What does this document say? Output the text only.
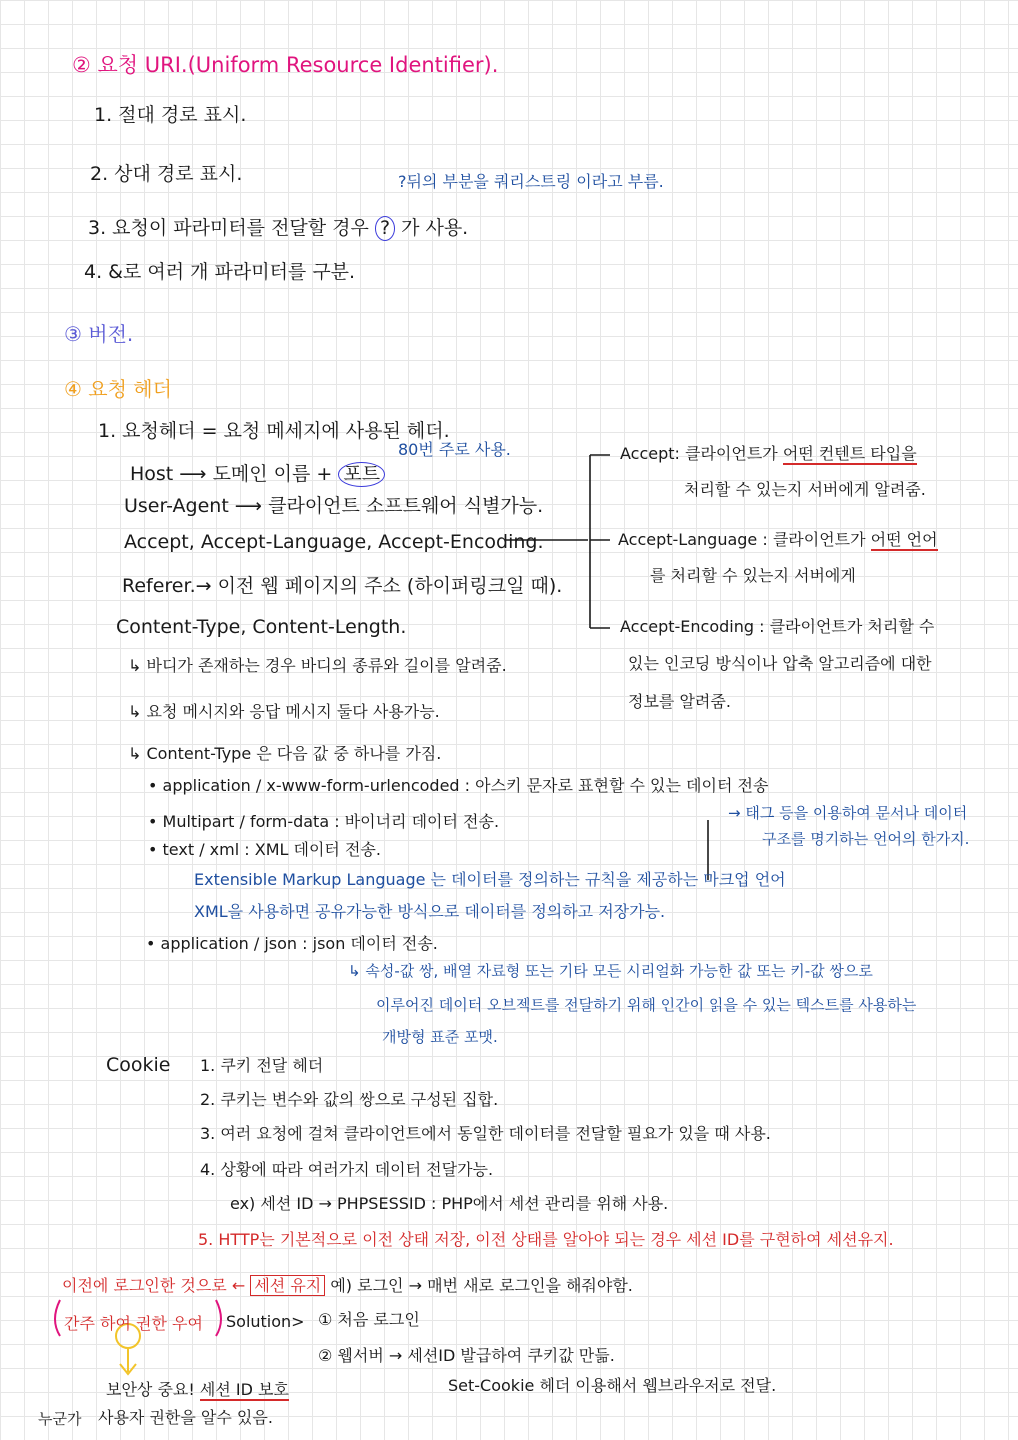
② 요청 URI.(Uniform Resource Identifier).
1. 절대 경로 표시.
2. 상대 경로 표시.	?뒤의 부분을 쿼리스트링 이라고 부름.
3. 요청이 파라미터를 전달할 경우 ? 가 사용.
4. &로 여러 개 파라미터를 구분.
③ 버전.
④ 요청 헤더
1. 요청헤더 = 요청 메세지에 사용된 헤더.
80번 주로 사용.
Host ⟶ 도메인 이름 + 포트
User-Agent ⟶ 클라이언트 소프트웨어 식별가능.
Accept, Accept-Language, Accept-Encoding.
Referer.→ 이전 웹 페이지의 주소 (하이퍼링크일 때).
Content-Type, Content-Length.
Accept: 클라이언트가 어떤 컨텐트 타입을
처리할 수 있는지 서버에게 알려줌.
Accept-Language : 클라이언트가 어떤 언어
를 처리할 수 있는지 서버에게
Accept-Encoding : 클라이언트가 처리할 수
있는 인코딩 방식이나 압축 알고리즘에 대한
정보를 알려줌.
↳ 바디가 존재하는 경우 바디의 종류와 길이를 알려줌.
↳ 요청 메시지와 응답 메시지 둘다 사용가능.
↳ Content-Type 은 다음 값 중 하나를 가짐.
• application / x-www-form-urlencoded : 아스키 문자로 표현할 수 있는 데이터 전송
• Multipart / form-data : 바이너리 데이터 전송.
• text / xml : XML 데이터 전송.
→ 태그 등을 이용하여 문서나 데이터
구조를 명기하는 언어의 한가지.
Extensible Markup Language 는 데이터를 정의하는 규칙을 제공하는 마크업 언어
XML을 사용하면 공유가능한 방식으로 데이터를 정의하고 저장가능.
• application / json : json 데이터 전송.
↳ 속성-값 쌍, 배열 자료형 또는 기타 모든 시리얼화 가능한 값 또는 키-값 쌍으로
이루어진 데이터 오브젝트를 전달하기 위해 인간이 읽을 수 있는 텍스트를 사용하는
개방형 표준 포맷.
Cookie 1. 쿠키 전달 헤더
2. 쿠키는 변수와 값의 쌍으로 구성된 집합.
3. 여러 요청에 걸쳐 클라이언트에서 동일한 데이터를 전달할 필요가 있을 때 사용.
4. 상황에 따라 여러가지 데이터 전달가능.
ex) 세션 ID → PHPSESSID : PHP에서 세션 관리를 위해 사용.
5. HTTP는 기본적으로 이전 상태 저장, 이전 상태를 알아야 되는 경우 세션 ID를 구현하여 세션유지.
이전에 로그인한 것으로 ← 세션 유지 예) 로그인 → 매번 새로 로그인을 해줘야함.
간주 하여 권한 우여 Solution> ① 처음 로그인
② 웹서버 → 세션ID 발급하여 쿠키값 만듦.
Set-Cookie 헤더 이용해서 웹브라우저로 전달.
보안상 중요! 세션 ID 보호
누군가 사용자 권한을 알수 있음.
